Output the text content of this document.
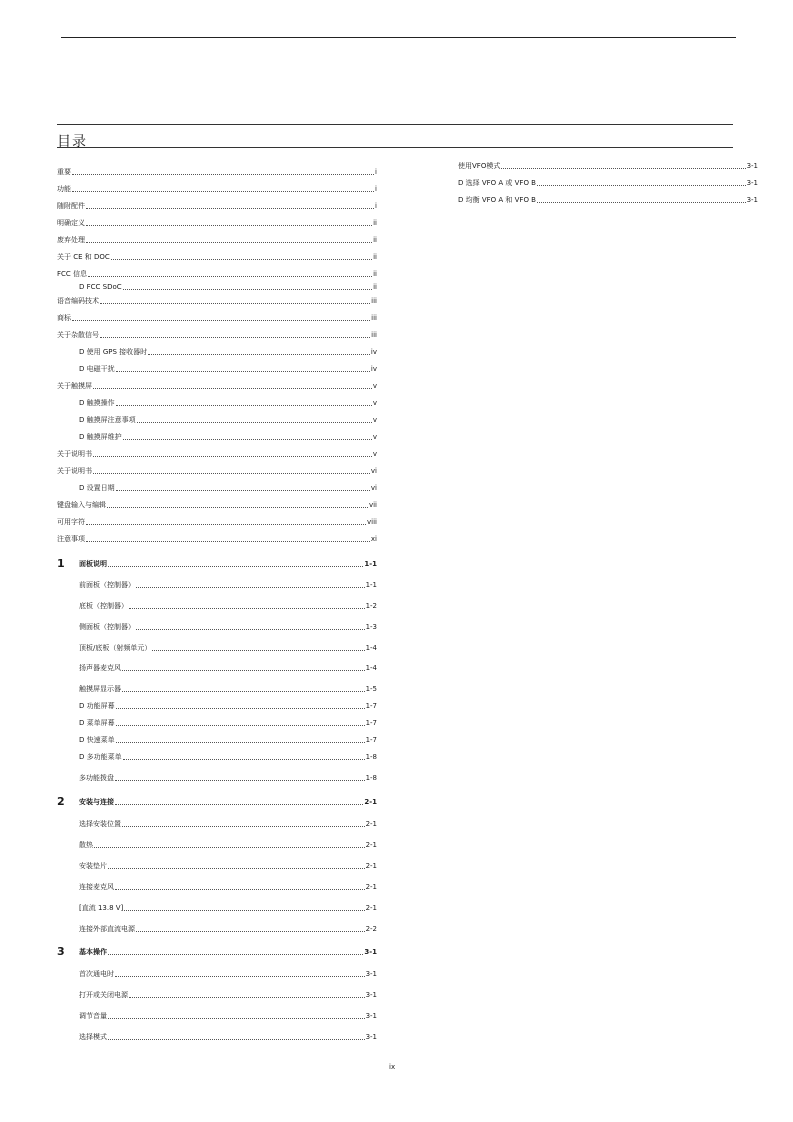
目录
重要	i
功能	i
随附配件	i
明确定义	ii
废弃处理	ii
关于 CE 和 DOC	ii
FCC 信息	ii
D FCC SDoC	ii
语音编码技术	iii
商标	iii
关于杂散信号	iii
D 使用 GPS 接收器时	iv
D 电磁干扰	iv
关于触摸屏	v
D 触摸操作	v
D 触摸屏注意事项	v
D 触摸屏维护	v
关于说明书	v
关于说明书	vi
D 设置日期	vi
键盘输入与编辑	vii
可用字符	viii
注意事项	xi
1 面板说明	1-1
前面板（控制器）	1-1
底板（控制器）	1-2
侧面板（控制器）	1-3
顶板/底板（射频单元）	1-4
扬声器麦克风	1-4
触摸屏显示器	1-5
D 功能屏幕	1-7
D 菜单屏幕	1-7
D 快速菜单	1-7
D 多功能菜单	1-8
多功能拨盘	1-8
2 安装与连接	2-1
选择安装位置	2-1
散热	2-1
安装垫片	2-1
连接麦克风	2-1
[直流 13.8 V]	2-1
连接外部直流电源	2-2
3 基本操作	3-1
首次通电时	3-1
打开或关闭电源	3-1
调节音量	3-1
选择模式	3-1
使用VFO模式	3-1
D 选择 VFO A 或 VFO B	3-1
D 均衡 VFO A 和 VFO B	3-1
ix
